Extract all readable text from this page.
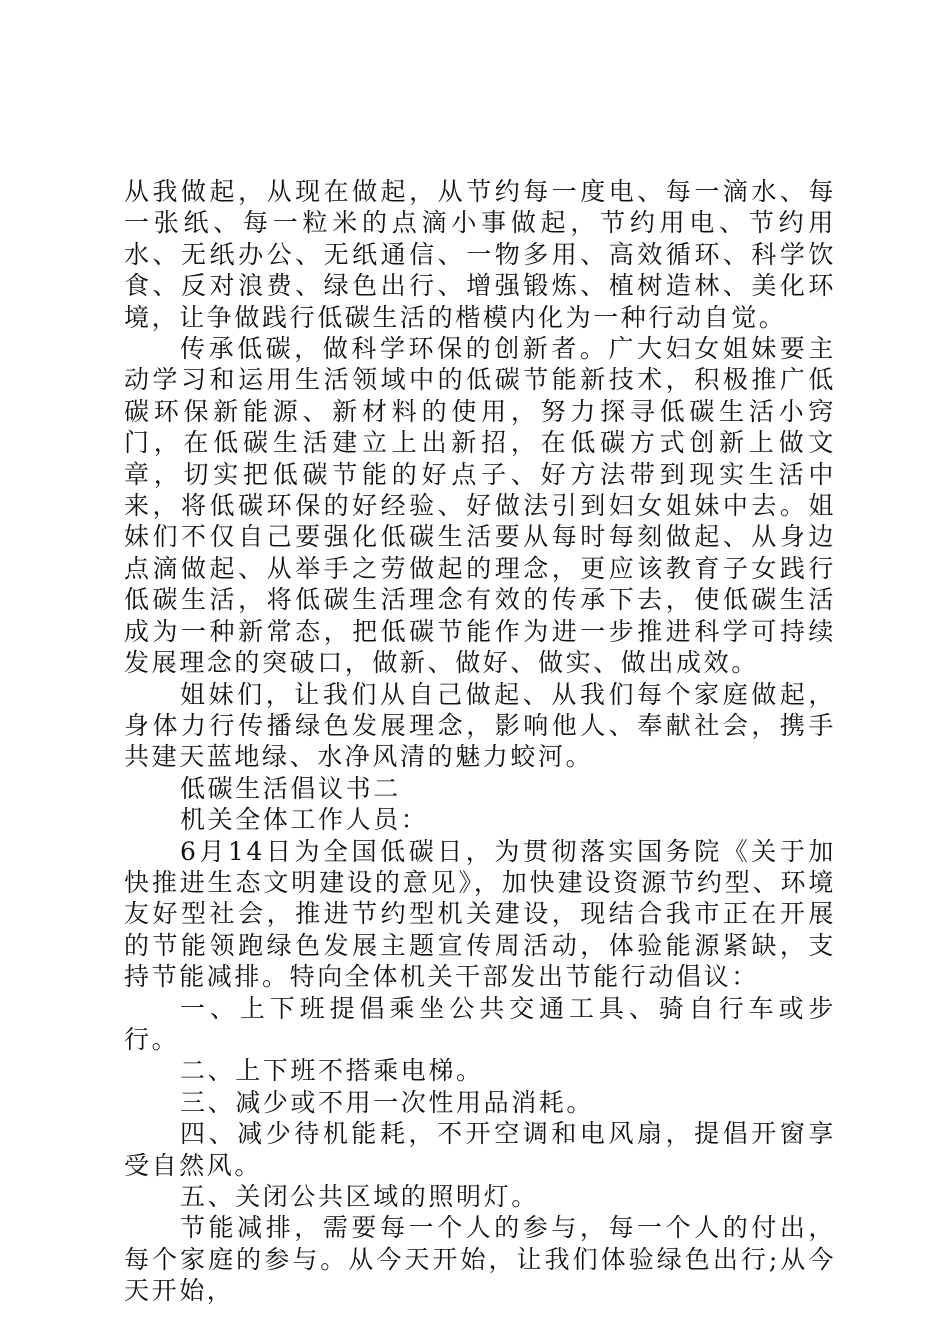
从我做起，从现在做起，从节约每一度电、每一滴水、每一张纸、每一粒米的点滴小事做起，节约用电、节约用水、无纸办公、无纸通信、一物多用、高效循环、科学饮食、反对浪费、绿色出行、增强锻炼、植树造林、美化环境，让争做践行低碳生活的楷模内化为一种行动自觉。

传承低碳，做科学环保的创新者。广大妇女姐妹要主动学习和运用生活领域中的低碳节能新技术，积极推广低碳环保新能源、新材料的使用，努力探寻低碳生活小窍门，在低碳生活建立上出新招，在低碳方式创新上做文章，切实把低碳节能的好点子、好方法带到现实生活中来，将低碳环保的好经验、好做法引到妇女姐妹中去。姐妹们不仅自己要强化低碳生活要从每时每刻做起、从身边点滴做起、从举手之劳做起的理念，更应该教育子女践行低碳生活，将低碳生活理念有效的传承下去，使低碳生活成为一种新常态，把低碳节能作为进一步推进科学可持续发展理念的突破口，做新、做好、做实、做出成效。

姐妹们，让我们从自己做起、从我们每个家庭做起，身体力行传播绿色发展理念，影响他人、奉献社会，携手共建天蓝地绿、水净风清的魅力蛟河。

低碳生活倡议书二

机关全体工作人员：

6月14日为全国低碳日，为贯彻落实国务院《关于加快推进生态文明建设的意见》，加快建设资源节约型、环境友好型社会，推进节约型机关建设，现结合我市正在开展的节能领跑绿色发展主题宣传周活动，体验能源紧缺，支持节能减排。特向全体机关干部发出节能行动倡议：

一、上下班提倡乘坐公共交通工具、骑自行车或步行。

二、上下班不搭乘电梯。

三、减少或不用一次性用品消耗。

四、减少待机能耗，不开空调和电风扇，提倡开窗享受自然风。

五、关闭公共区域的照明灯。

节能减排，需要每一个人的参与，每一个人的付出，每个家庭的参与。从今天开始，让我们体验绿色出行;从今天开始，
